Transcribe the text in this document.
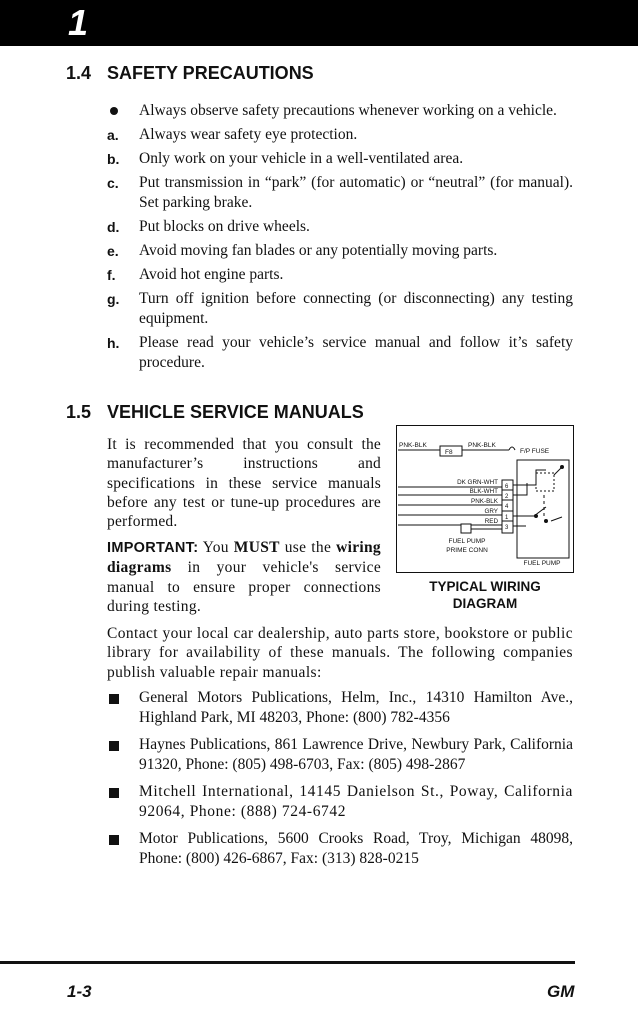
1
1.4 SAFETY PRECAUTIONS
Always observe safety precautions whenever working on a vehicle.
a. Always wear safety eye protection.
b. Only work on your vehicle in a well-ventilated area.
c. Put transmission in “park” (for automatic) or “neutral” (for manual). Set parking brake.
d. Put blocks on drive wheels.
e. Avoid moving fan blades or any potentially moving parts.
f. Avoid hot engine parts.
g. Turn off ignition before connecting (or disconnecting) any testing equipment.
h. Please read your vehicle’s service manual and follow it’s safety procedure.
1.5 VEHICLE SERVICE MANUALS

It is recommended that you consult the manufacturer’s instructions and specifications in these service manuals before any test or tune-up procedures are performed.

IMPORTANT: You MUST use the wiring diagrams in your vehicle's service manual to ensure proper connections during testing.

PNK-BLK
F8
PNK-BLK
F/P FUSE
DK GRN-WHT
BLK-WHT
PNK-BLK
GRY
RED
6
2
4
1
3
FUEL PUMP
PRIME CONN
FUEL PUMP
TYPICAL WIRING DIAGRAM

Contact your local car dealership, auto parts store, bookstore or public library for availability of these manuals. The following companies publish valuable repair manuals:

General Motors Publications, Helm, Inc., 14310 Hamilton Ave., Highland Park, MI 48203, Phone: (800) 782-4356
Haynes Publications, 861 Lawrence Drive, Newbury Park, California 91320, Phone: (805) 498-6703, Fax: (805) 498-2867
Mitchell International, 14145 Danielson St., Poway, California 92064, Phone: (888) 724-6742
Motor Publications, 5600 Crooks Road, Troy, Michigan 48098, Phone: (800) 426-6867, Fax: (313) 828-0215
1-3	GM
